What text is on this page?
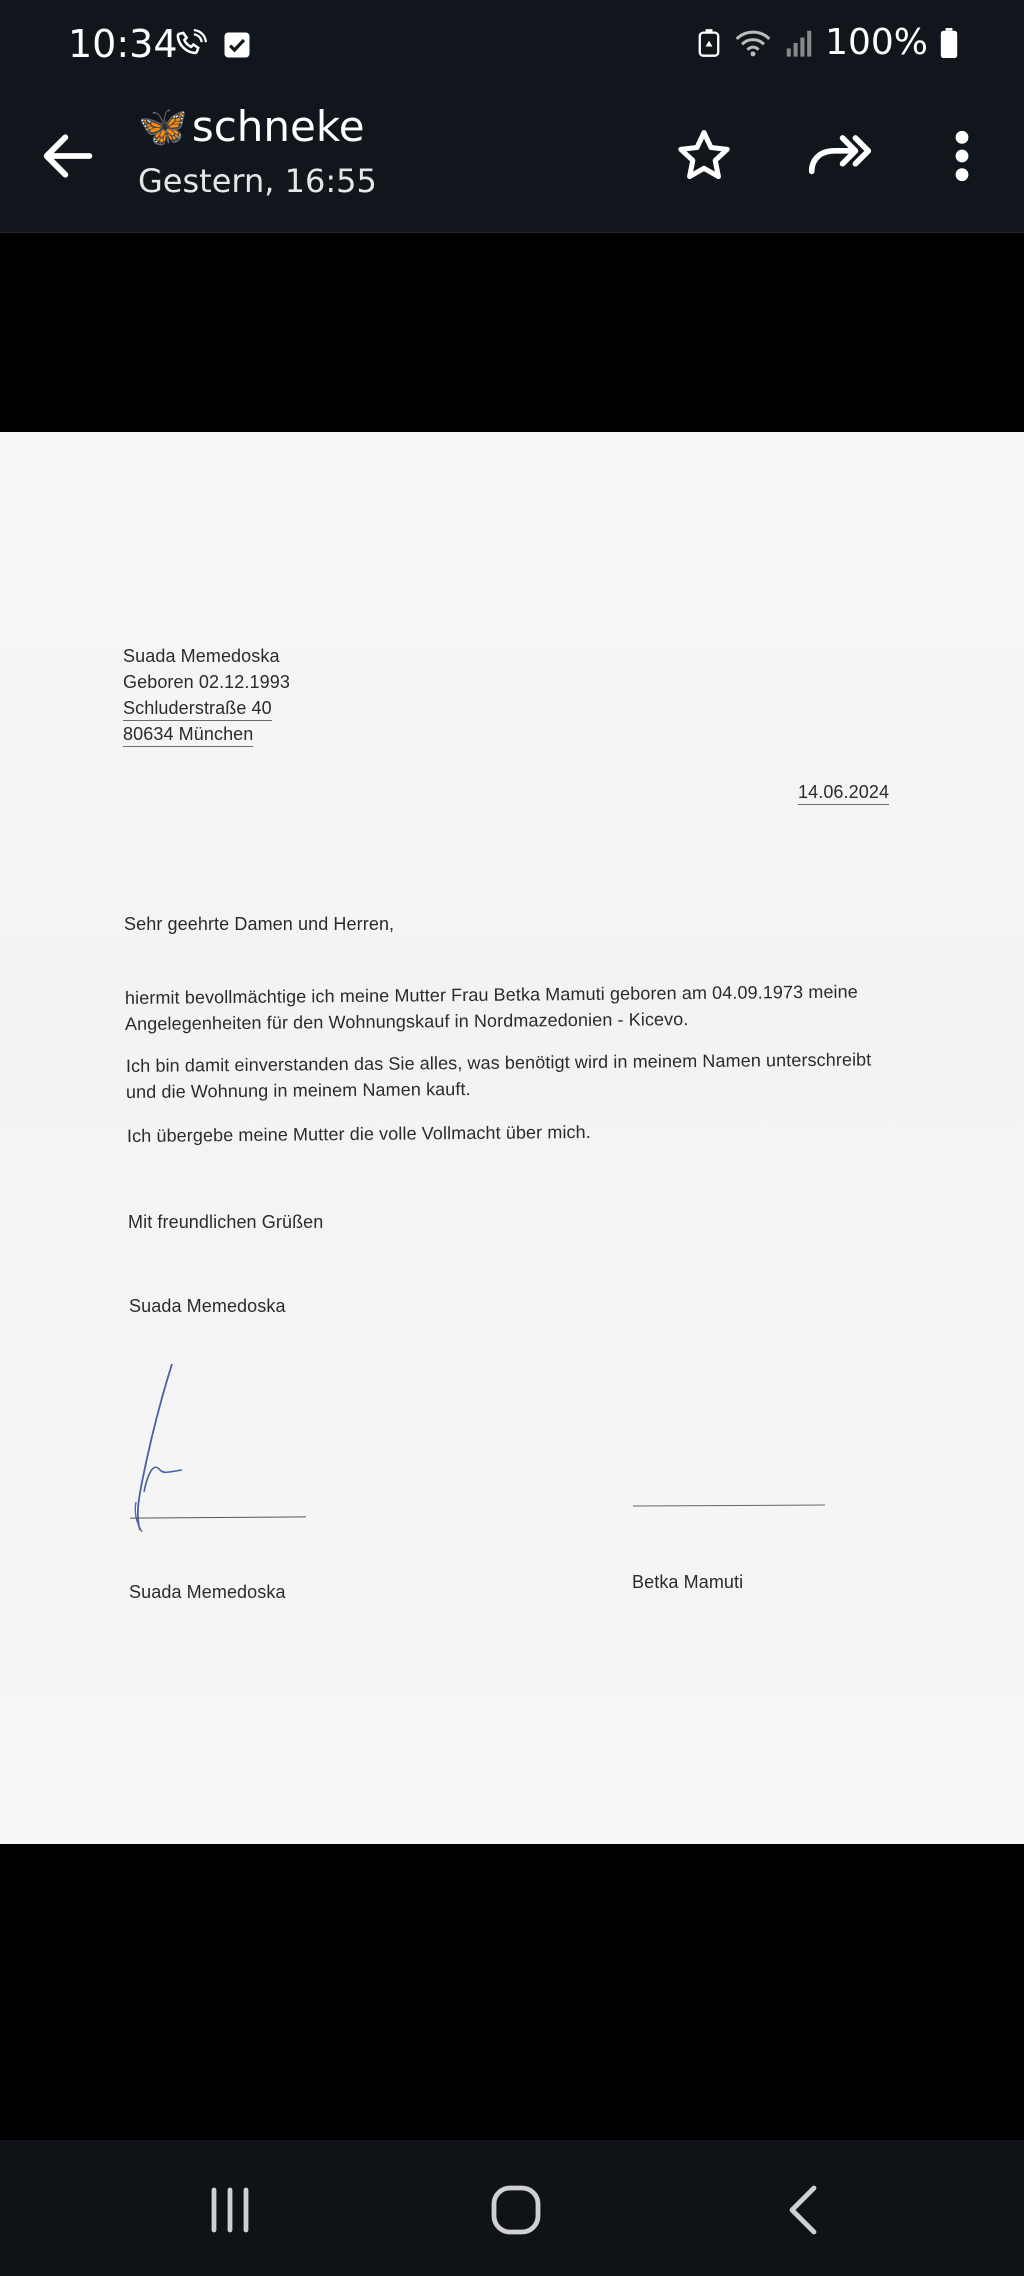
10:34	100%
🦋 schneke
Gestern, 16:55
Suada Memedoska
Geboren 02.12.1993
Schluderstraße 40
80634 München
14.06.2024
Sehr geehrte Damen und Herren,
hiermit bevollmächtige ich meine Mutter Frau Betka Mamuti geboren am 04.09.1973 meine
Angelegenheiten für den Wohnungskauf in Nordmazedonien - Kicevo.
Ich bin damit einverstanden das Sie alles, was benötigt wird in meinem Namen unterschreibt
und die Wohnung in meinem Namen kauft.
Ich übergebe meine Mutter die volle Vollmacht über mich.
Mit freundlichen Grüßen
Suada Memedoska
Suada Memedoska	Betka Mamuti
